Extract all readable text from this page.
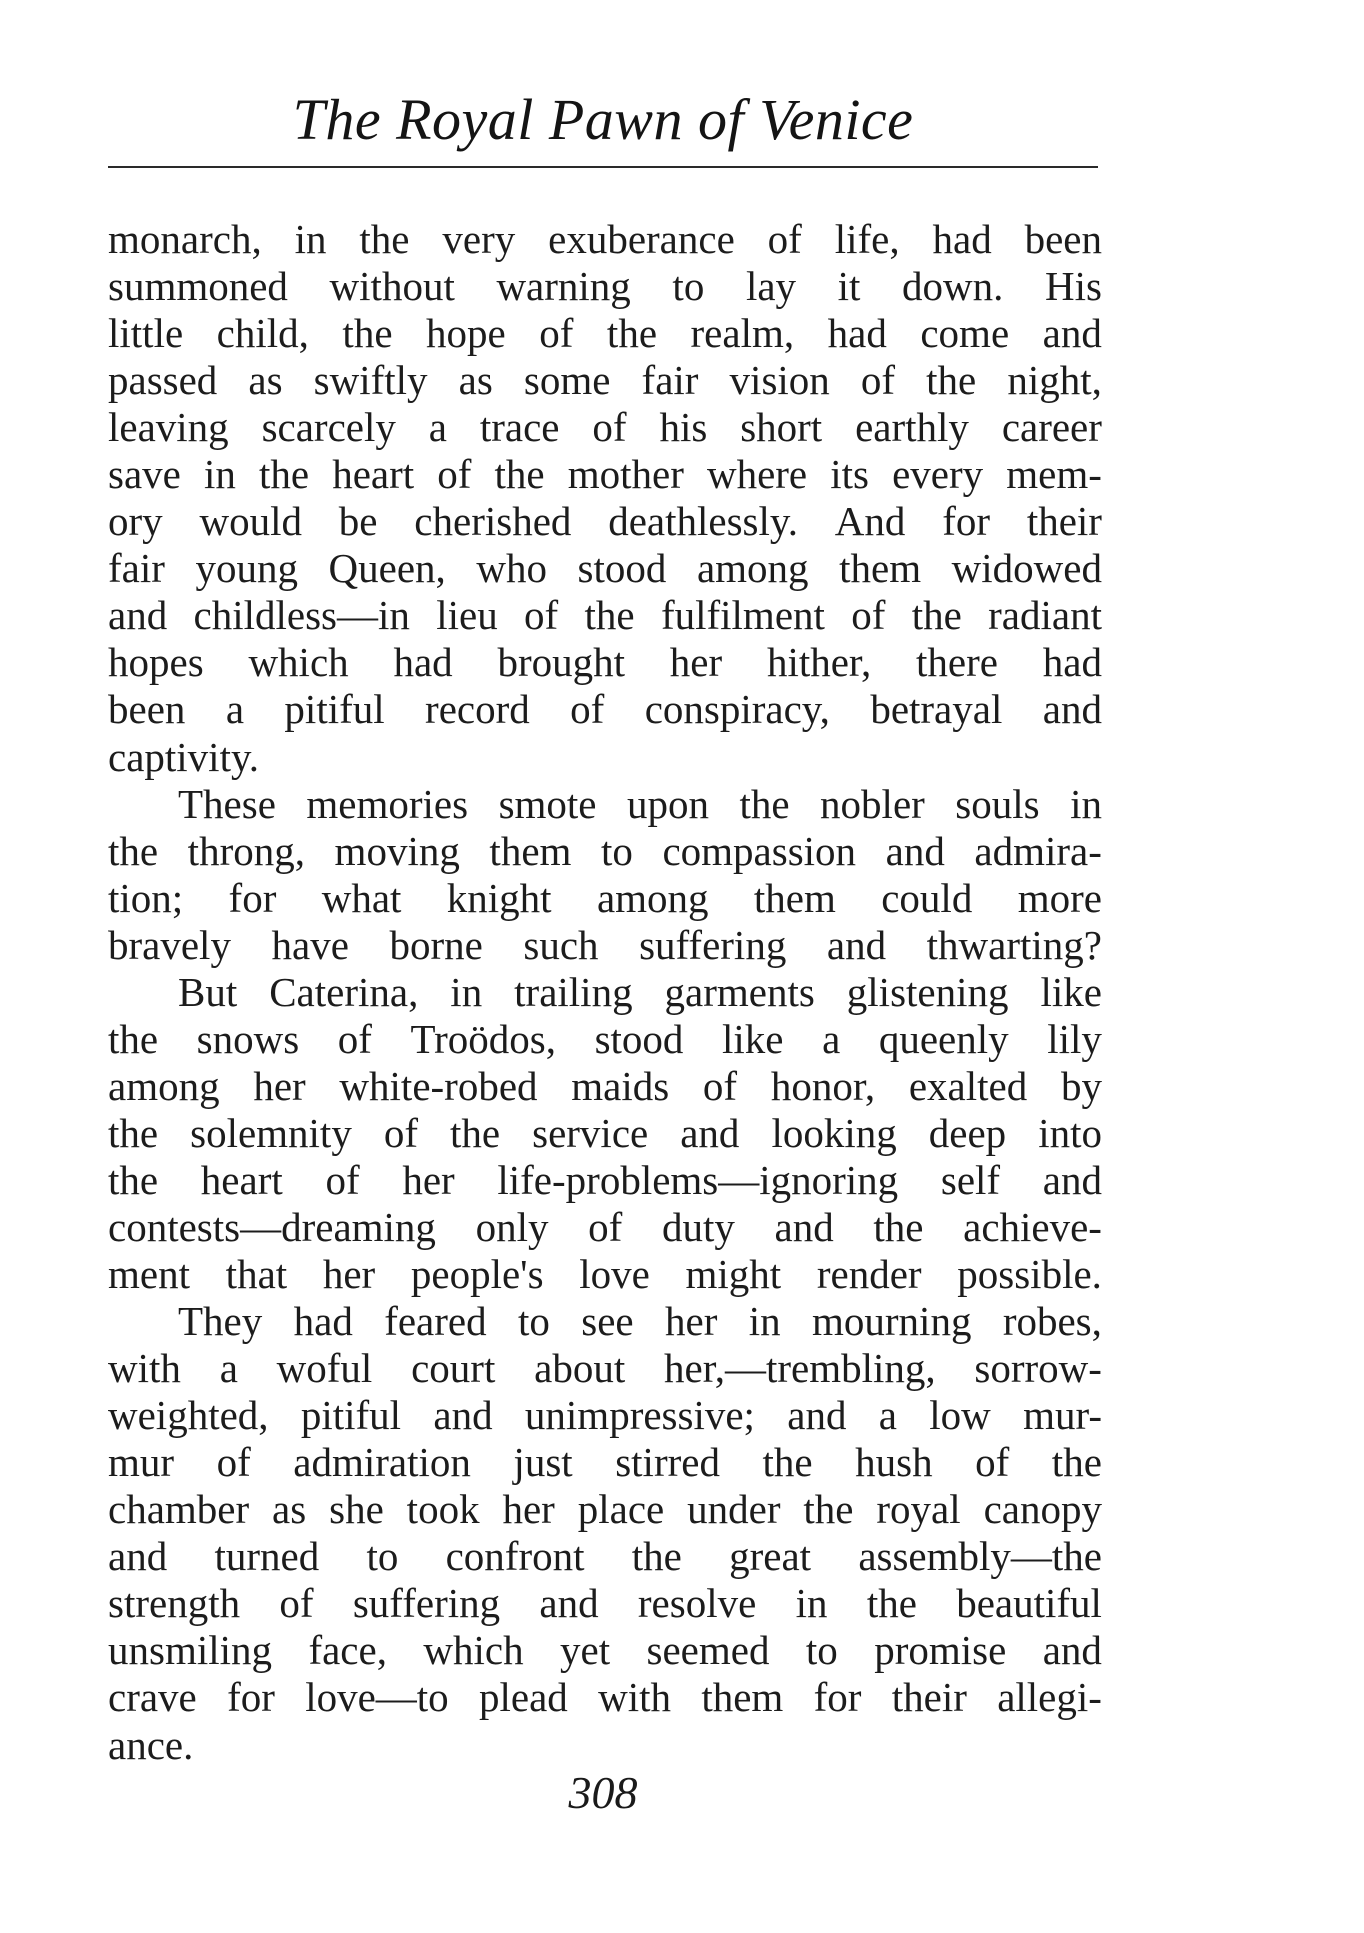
The Royal Pawn of Venice
monarch, in the very exuberance of life, had been
summoned without warning to lay it down. His
little child, the hope of the realm, had come and
passed as swiftly as some fair vision of the night,
leaving scarcely a trace of his short earthly career
save in the heart of the mother where its every mem-
ory would be cherished deathlessly. And for their
fair young Queen, who stood among them widowed
and childless—in lieu of the fulfilment of the radiant
hopes which had brought her hither, there had
been a pitiful record of conspiracy, betrayal and
captivity.
These memories smote upon the nobler souls in
the throng, moving them to compassion and admira-
tion; for what knight among them could more
bravely have borne such suffering and thwarting?
But Caterina, in trailing garments glistening like
the snows of Troödos, stood like a queenly lily
among her white-robed maids of honor, exalted by
the solemnity of the service and looking deep into
the heart of her life-problems—ignoring self and
contests—dreaming only of duty and the achieve-
ment that her people's love might render possible.
They had feared to see her in mourning robes,
with a woful court about her,—trembling, sorrow-
weighted, pitiful and unimpressive; and a low mur-
mur of admiration just stirred the hush of the
chamber as she took her place under the royal canopy
and turned to confront the great assembly—the
strength of suffering and resolve in the beautiful
unsmiling face, which yet seemed to promise and
crave for love—to plead with them for their allegi-
ance.
308
